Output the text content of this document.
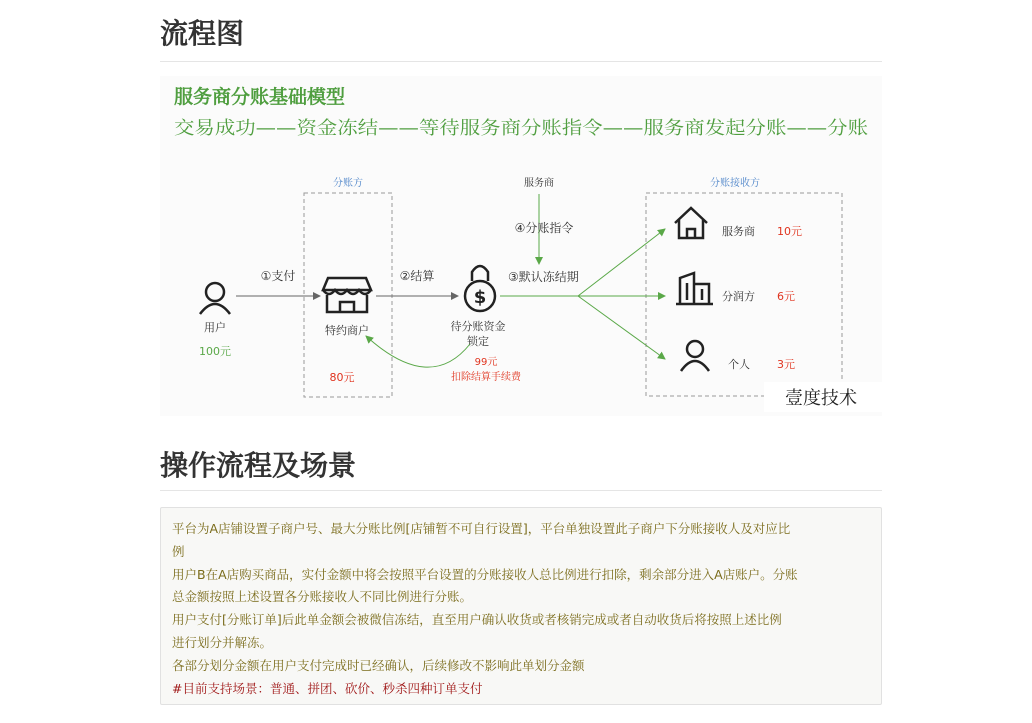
流程图
服务商分账基础模型
交易成功——资金冻结——等待服务商分账指令——服务商发起分账——分账
分账方	分账接收方
用户
100元
①支付
特约商户
80元
②结算
$
待分账资金
锁定
③默认冻结期
服务商
④分账指令
99元
扣除结算手续费
服务商 10元
分润方 6元
个人 3元
壹度技术
操作流程及场景

平台为A店铺设置子商户号、最大分账比例[店铺暂不可自行设置]，平台单独设置此子商户下分账接收人及对应比

例

用户B在A店购买商品，实付金额中将会按照平台设置的分账接收人总比例进行扣除，剩余部分进入A店账户。分账

总金额按照上述设置各分账接收人不同比例进行分账。

用户支付[分账订单]后此单金额会被微信冻结，直至用户确认收货或者核销完成或者自动收货后将按照上述比例

进行划分并解冻。

各部分划分金额在用户支付完成时已经确认，后续修改不影响此单划分金额

#目前支持场景：普通、拼团、砍价、秒杀四种订单支付
